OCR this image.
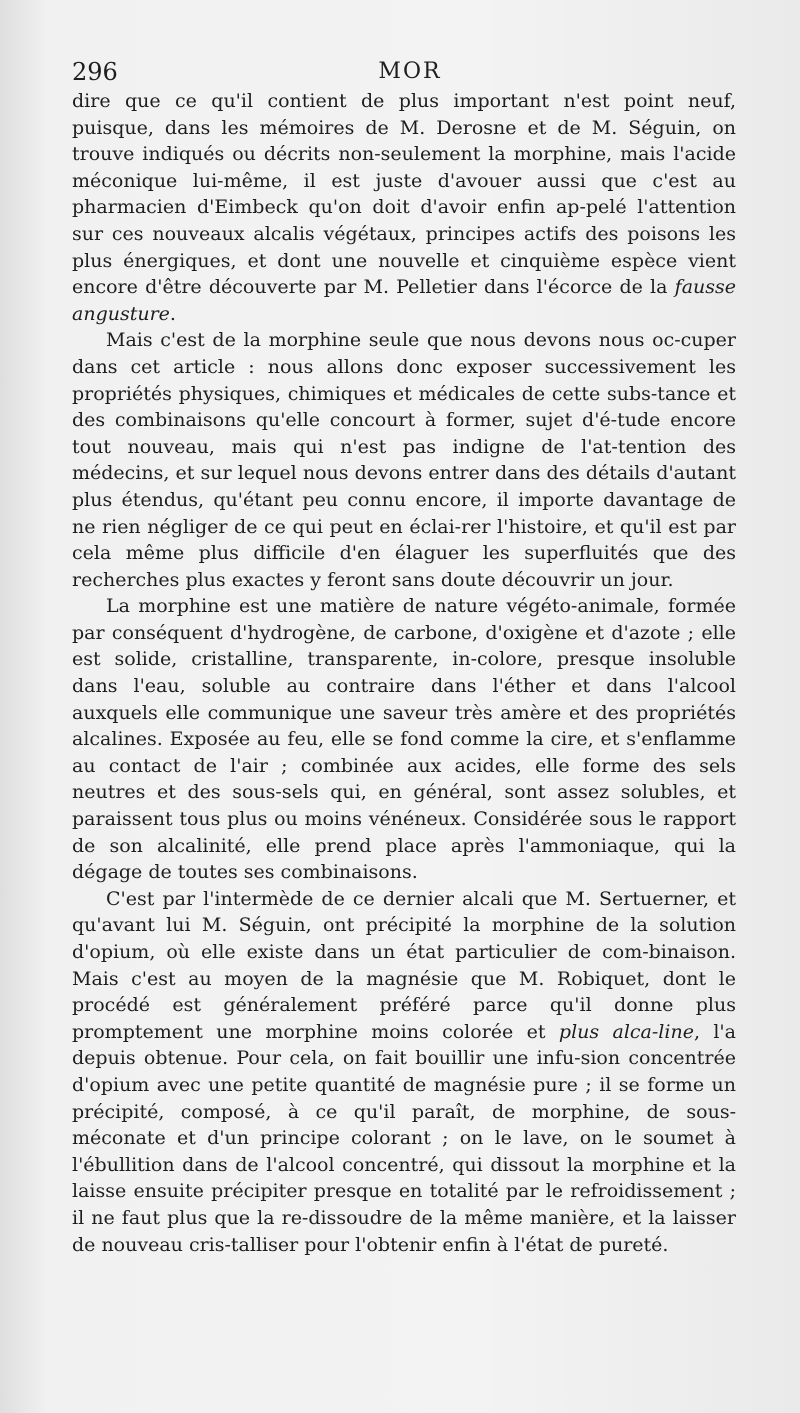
296	MOR

dire que ce qu'il contient de plus important n'est point neuf, puisque, dans les mémoires de M. Derosne et de M. Séguin, on trouve indiqués ou décrits non-seulement la morphine, mais l'acide méconique lui-même, il est juste d'avouer aussi que c'est au pharmacien d'Eimbeck qu'on doit d'avoir enfin ap-pelé l'attention sur ces nouveaux alcalis végétaux, principes actifs des poisons les plus énergiques, et dont une nouvelle et cinquième espèce vient encore d'être découverte par M. Pelletier dans l'écorce de la fausse angusture.

Mais c'est de la morphine seule que nous devons nous oc-cuper dans cet article : nous allons donc exposer successivement les propriétés physiques, chimiques et médicales de cette subs-tance et des combinaisons qu'elle concourt à former, sujet d'é-tude encore tout nouveau, mais qui n'est pas indigne de l'at-tention des médecins, et sur lequel nous devons entrer dans des détails d'autant plus étendus, qu'étant peu connu encore, il importe davantage de ne rien négliger de ce qui peut en éclai-rer l'histoire, et qu'il est par cela même plus difficile d'en élaguer les superfluités que des recherches plus exactes y feront sans doute découvrir un jour.

La morphine est une matière de nature végéto-animale, formée par conséquent d'hydrogène, de carbone, d'oxigène et d'azote ; elle est solide, cristalline, transparente, in-colore, presque insoluble dans l'eau, soluble au contraire dans l'éther et dans l'alcool auxquels elle communique une saveur très amère et des propriétés alcalines. Exposée au feu, elle se fond comme la cire, et s'enflamme au contact de l'air ; combinée aux acides, elle forme des sels neutres et des sous-sels qui, en général, sont assez solubles, et paraissent tous plus ou moins vénéneux. Considérée sous le rapport de son alcalinité, elle prend place après l'ammoniaque, qui la dégage de toutes ses combinaisons.

C'est par l'intermède de ce dernier alcali que M. Sertuerner, et qu'avant lui M. Séguin, ont précipité la morphine de la solution d'opium, où elle existe dans un état particulier de com-binaison. Mais c'est au moyen de la magnésie que M. Robiquet, dont le procédé est généralement préféré parce qu'il donne plus promptement une morphine moins colorée et plus alca-line, l'a depuis obtenue. Pour cela, on fait bouillir une infu-sion concentrée d'opium avec une petite quantité de magnésie pure ; il se forme un précipité, composé, à ce qu'il paraît, de morphine, de sous-méconate et d'un principe colorant ; on le lave, on le soumet à l'ébullition dans de l'alcool concentré, qui dissout la morphine et la laisse ensuite précipiter presque en totalité par le refroidissement ; il ne faut plus que la re-dissoudre de la même manière, et la laisser de nouveau cris-talliser pour l'obtenir enfin à l'état de pureté.
